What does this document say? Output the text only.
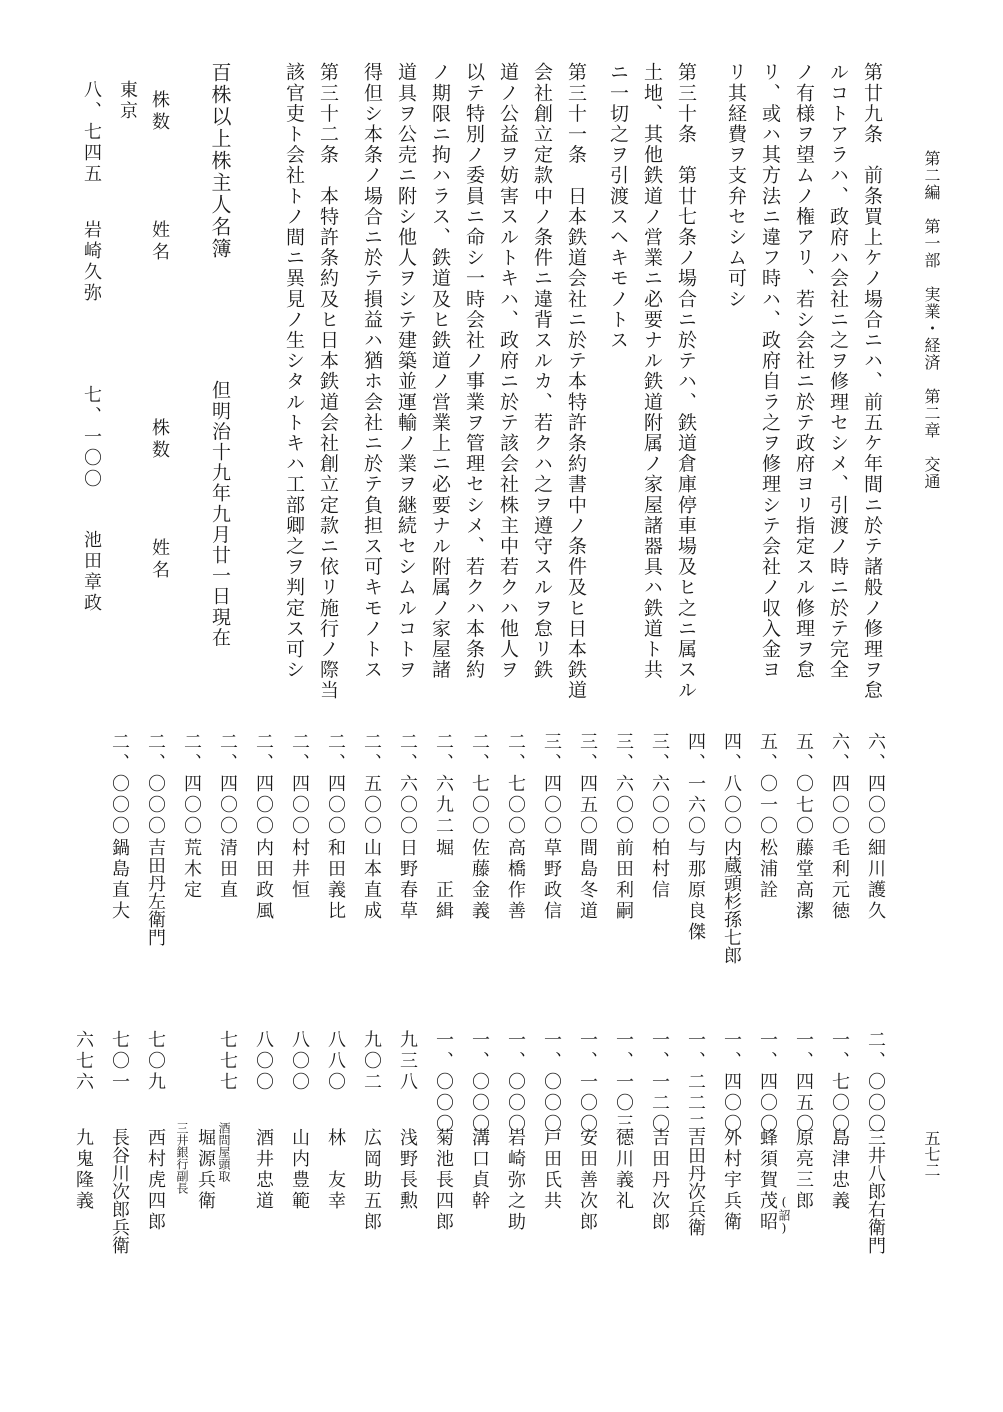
第二編　第一部　実業・経済　第二章　交通
五七二
第廿九条　前条買上ケノ場合ニハ、前五ケ年間ニ於テ諸般ノ修理ヲ怠
ルコトアラハ、政府ハ会社ニ之ヲ修理セシメ、引渡ノ時ニ於テ完全
ノ有様ヲ望ムノ権アリ、若シ会社ニ於テ政府ヨリ指定スル修理ヲ怠
リ、或ハ其方法ニ違フ時ハ、政府自ラ之ヲ修理シテ会社ノ収入金ヨ
リ其経費ヲ支弁セシム可シ
第三十条　第廿七条ノ場合ニ於テハ、鉄道倉庫停車場及ヒ之ニ属スル
土地、其他鉄道ノ営業ニ必要ナル鉄道附属ノ家屋諸器具ハ鉄道ト共
ニ一切之ヲ引渡スヘキモノトス
第三十一条　日本鉄道会社ニ於テ本特許条約書中ノ条件及ヒ日本鉄道
会社創立定款中ノ条件ニ違背スルカ、若クハ之ヲ遵守スルヲ怠リ鉄
道ノ公益ヲ妨害スルトキハ、政府ニ於テ該会社株主中若クハ他人ヲ
以テ特別ノ委員ニ命シ一時会社ノ事業ヲ管理セシメ、若クハ本条約
ノ期限ニ拘ハラス、鉄道及ヒ鉄道ノ営業上ニ必要ナル附属ノ家屋諸
道具ヲ公売ニ附シ他人ヲシテ建築並運輸ノ業ヲ継続セシムルコトヲ
得但シ本条ノ場合ニ於テ損益ハ猶ホ会社ニ於テ負担ス可キモノトス
第三十二条　本特許条約及ヒ日本鉄道会社創立定款ニ依リ施行ノ際当
該官吏ト会社トノ間ニ異見ノ生シタルトキハ工部卿之ヲ判定ス可シ
百株以上株主人名簿
但明治十九年九月廿一日現在
株数
姓名
株数
姓名
東京
八、七四五
岩崎久弥
七、一〇〇
池田章政
六、四〇〇
細川護久
六、四〇〇
毛利元徳
五、〇七〇
藤堂高潔
五、〇一〇
松浦詮
四、八〇〇
内蔵頭杉孫七郎
四、一六〇
与那原良傑
三、六〇〇
柏村信
三、六〇〇
前田利嗣
三、四五〇
間島冬道
三、四〇〇
草野政信
二、七〇〇
高橋作善
二、七〇〇
佐藤金義
二、六九二
堀　正緝
二、六〇〇
日野春草
二、五〇〇
山本直成
二、四〇〇
和田義比
二、四〇〇
村井恒
二、四〇〇
内田政風
二、四〇〇
清田直
二、四〇〇
荒木定
二、〇〇〇
吉田丹左衛門
二、〇〇〇
鍋島直大
二、〇〇〇
三井八郎右衛門
一、七〇〇
島津忠義
一、四五〇
原亮三郎
一、四〇〇
蜂須賀茂昭 (詔)
一、四〇〇
外村宇兵衛
一、二二二
吉田丹次兵衛
一、一二〇
吉田丹次郎
一、一〇三
徳川義礼
一、一〇〇
安田善次郎
一、〇〇〇
戸田氏共
一、〇〇〇
岩崎弥之助
一、〇〇〇
溝口貞幹
一、〇〇〇
菊池長四郎
九三八
浅野長勲
九〇二
広岡助五郎
八八〇
林　友幸
八〇〇
山内豊範
八〇〇
酒井忠道
酒問屋頭取
七七七
堀源兵衛
三井銀行副長
七〇九
西村虎四郎
七〇一
長谷川次郎兵衛
六七六
九鬼隆義
